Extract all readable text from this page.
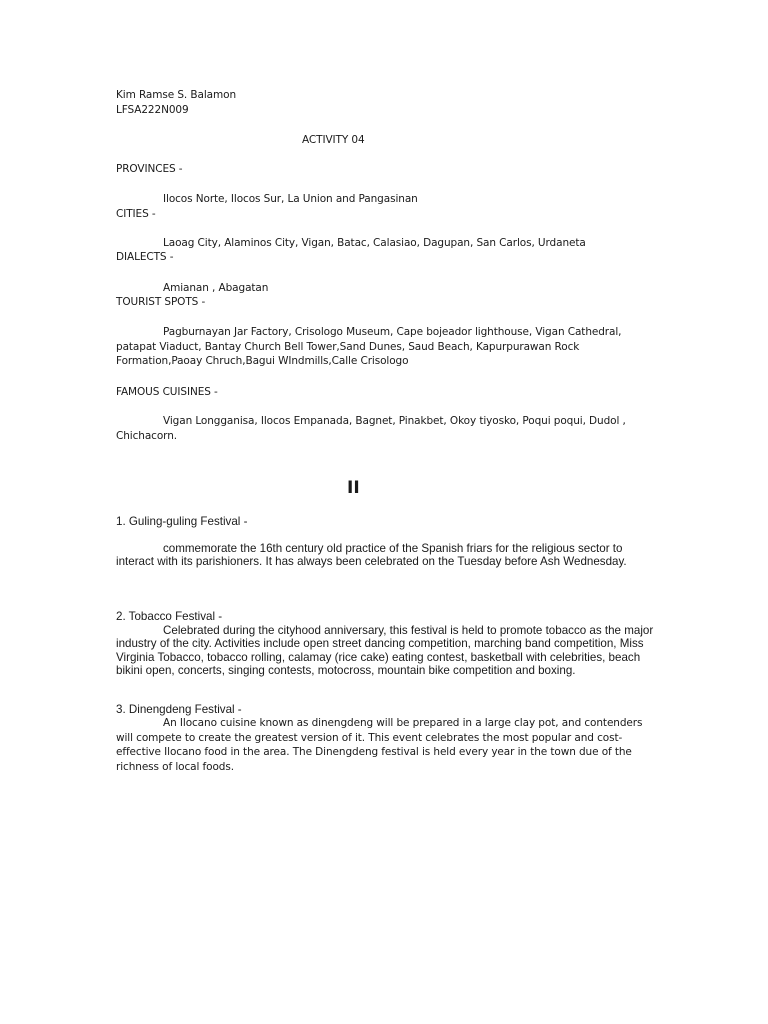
Kim Ramse S. Balamon

LFSA222N009

ACTIVITY 04

PROVINCES -

Ilocos Norte, Ilocos Sur, La Union and Pangasinan

CITIES -

Laoag City, Alaminos City, Vigan, Batac, Calasiao, Dagupan, San Carlos, Urdaneta

DIALECTS -

Amianan , Abagatan

TOURIST SPOTS -

Pagburnayan Jar Factory, Crisologo Museum, Cape bojeador lighthouse, Vigan Cathedral,

patapat Viaduct, Bantay Church Bell Tower,Sand Dunes, Saud Beach, Kapurpurawan Rock

Formation,Paoay Chruch,Bagui WIndmills,Calle Crisologo

FAMOUS CUISINES -

Vigan Longganisa, Ilocos Empanada, Bagnet, Pinakbet, Okoy tiyosko, Poqui poqui, Dudol ,

Chichacorn.

II

1. Guling-guling Festival -

commemorate the 16th century old practice of the Spanish friars for the religious sector to interact with its parishioners. It has always been celebrated on the Tuesday before Ash Wednesday.

2. Tobacco Festival -

Celebrated during the cityhood anniversary, this festival is held to promote tobacco as the major industry of the city. Activities include open street dancing competition, marching band competition, Miss Virginia Tobacco, tobacco rolling, calamay (rice cake) eating contest, basketball with celebrities, beach bikini open, concerts, singing contests, motocross, mountain bike competition and boxing.

3. Dinengdeng Festival -

An Ilocano cuisine known as dinengdeng will be prepared in a large clay pot, and contenders will compete to create the greatest version of it. This event celebrates the most popular and cost-effective Ilocano food in the area. The Dinengdeng festival is held every year in the town due of the richness of local foods.
